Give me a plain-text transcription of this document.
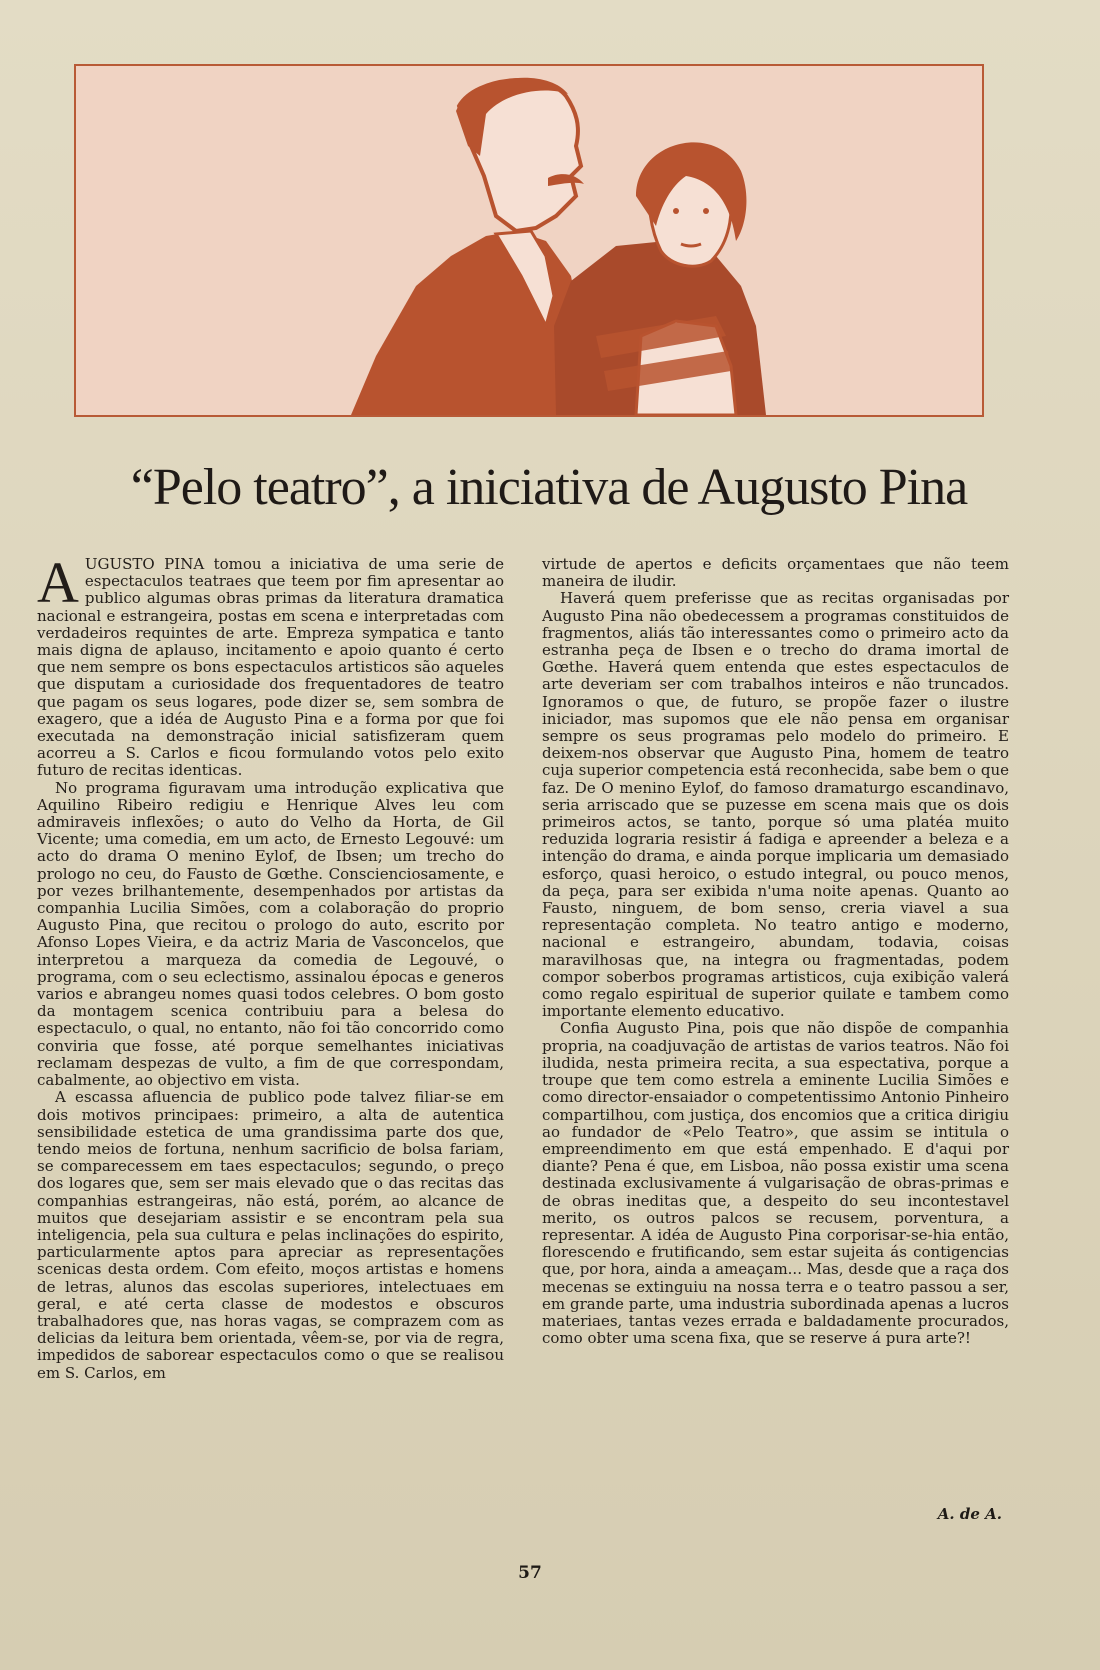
“Pelo teatro”, a iniciativa de Augusto Pina
A UGUSTO PINA tomou a iniciativa de uma serie de espectaculos teatraes que teem por fim apresentar ao publico algumas obras primas da literatura dramatica nacional e estrangeira, postas em scena e interpretadas com verdadeiros requintes de arte. Empreza sympatica e tanto mais digna de aplauso, incitamento e apoio quanto é certo que nem sempre os bons espectaculos artisticos são aqueles que disputam a curiosidade dos frequentadores de teatro que pagam os seus logares, pode dizer se, sem sombra de exagero, que a idéa de Augusto Pina e a forma por que foi executada na demonstração inicial satisfizeram quem acorreu a S. Carlos e ficou formulando votos pelo exito futuro de recitas identicas.

No programa figuravam uma introdução explicativa que Aquilino Ribeiro redigiu e Henrique Alves leu com admiraveis inflexões; o auto do Velho da Horta, de Gil Vicente; uma comedia, em um acto, de Ernesto Legouvé: um acto do drama O menino Eylof, de Ibsen; um trecho do prologo no ceu, do Fausto de Gœthe. Conscienciosamente, e por vezes brilhantemente, desempenhados por artistas da companhia Lucilia Simões, com a colaboração do proprio Augusto Pina, que recitou o prologo do auto, escrito por Afonso Lopes Vieira, e da actriz Maria de Vasconcelos, que interpretou a marqueza da comedia de Legouvé, o programa, com o seu eclectismo, assinalou épocas e generos varios e abrangeu nomes quasi todos celebres. O bom gosto da montagem scenica contribuiu para a belesa do espectaculo, o qual, no entanto, não foi tão concorrido como conviria que fosse, até porque semelhantes iniciativas reclamam despezas de vulto, a fim de que correspondam, cabalmente, ao objectivo em vista.

A escassa afluencia de publico pode talvez filiar-se em dois motivos principaes: primeiro, a alta de autentica sensibilidade estetica de uma grandissima parte dos que, tendo meios de fortuna, nenhum sacrificio de bolsa fariam, se comparecessem em taes espectaculos; segundo, o preço dos logares que, sem ser mais elevado que o das recitas das companhias estrangeiras, não está, porém, ao alcance de muitos que desejariam assistir e se encontram pela sua inteligencia, pela sua cultura e pelas inclinações do espirito, particularmente aptos para apreciar as representações scenicas desta ordem. Com efeito, moços artistas e homens de letras, alunos das escolas superiores, intelectuaes em geral, e até certa classe de modestos e obscuros trabalhadores que, nas horas vagas, se comprazem com as delicias da leitura bem orientada, vêem-se, por via de regra, impedidos de saborear espectaculos como o que se realisou em S. Carlos, em

virtude de apertos e deficits orçamentaes que não teem maneira de iludir.

Haverá quem preferisse que as recitas organisadas por Augusto Pina não obedecessem a programas constituidos de fragmentos, aliás tão interessantes como o primeiro acto da estranha peça de Ibsen e o trecho do drama imortal de Gœthe. Haverá quem entenda que estes espectaculos de arte deveriam ser com trabalhos inteiros e não truncados. Ignoramos o que, de futuro, se propõe fazer o ilustre iniciador, mas supomos que ele não pensa em organisar sempre os seus programas pelo modelo do primeiro. E deixem-nos observar que Augusto Pina, homem de teatro cuja superior competencia está reconhecida, sabe bem o que faz. De O menino Eylof, do famoso dramaturgo escandinavo, seria arriscado que se puzesse em scena mais que os dois primeiros actos, se tanto, porque só uma platéa muito reduzida lograria resistir á fadiga e apreender a beleza e a intenção do drama, e ainda porque implicaria um demasiado esforço, quasi heroico, o estudo integral, ou pouco menos, da peça, para ser exibida n'uma noite apenas. Quanto ao Fausto, ninguem, de bom senso, creria viavel a sua representação completa. No teatro antigo e moderno, nacional e estrangeiro, abundam, todavia, coisas maravilhosas que, na integra ou fragmentadas, podem compor soberbos programas artisticos, cuja exibição valerá como regalo espiritual de superior quilate e tambem como importante elemento educativo.

Confia Augusto Pina, pois que não dispõe de companhia propria, na coadjuvação de artistas de varios teatros. Não foi iludida, nesta primeira recita, a sua espectativa, porque a troupe que tem como estrela a eminente Lucilia Simões e como director-ensaiador o competentissimo Antonio Pinheiro compartilhou, com justiça, dos encomios que a critica dirigiu ao fundador de «Pelo Teatro», que assim se intitula o empreendimento em que está empenhado. E d'aqui por diante? Pena é que, em Lisboa, não possa existir uma scena destinada exclusivamente á vulgarisação de obras-primas e de obras ineditas que, a despeito do seu incontestavel merito, os outros palcos se recusem, porventura, a representar. A idéa de Augusto Pina corporisar-se-hia então, florescendo e frutificando, sem estar sujeita ás contigencias que, por hora, ainda a ameaçam... Mas, desde que a raça dos mecenas se extinguiu na nossa terra e o teatro passou a ser, em grande parte, uma industria subordinada apenas a lucros materiaes, tantas vezes errada e baldadamente procurados, como obter uma scena fixa, que se reserve á pura arte?!

A. de A.
57
